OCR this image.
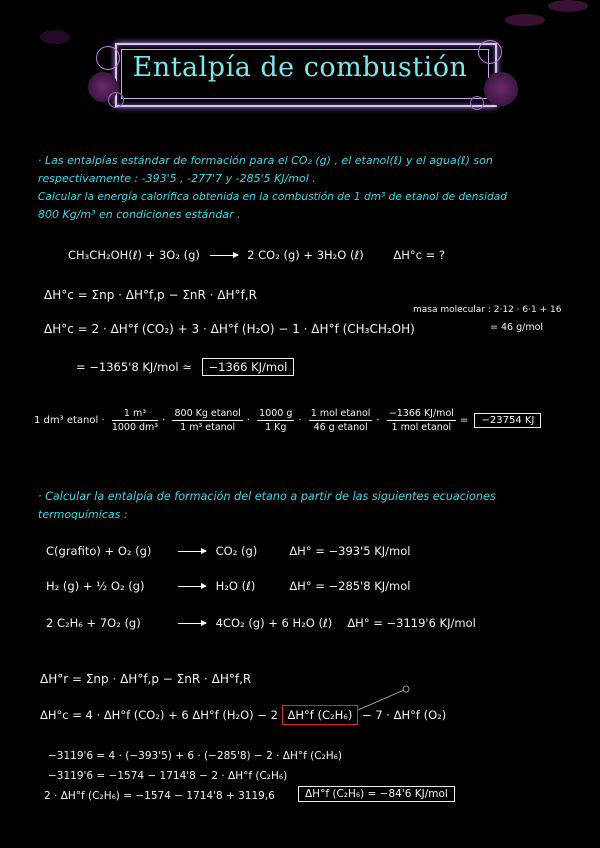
Entalpía de combustión
· Las entalpías estándar de formación para el CO₂ (g) , el etanol(ℓ) y el agua(ℓ) son
respectivamente : -393'5 , -277'7 y -285'5 KJ/mol .
Calcular la energía calorífica obtenida en la combustión de 1 dm³ de etanol de densidad
800 Kg/m³ en condiciones estándar .
CH₃CH₂OH(ℓ) + 3O₂ (g)	2 CO₂ (g) + 3H₂O (ℓ)	ΔH°c = ?
ΔH°c = Σnp · ΔH°f,p − ΣnR · ΔH°f,R
masa molecular : 2·12 · 6·1 + 16
= 46 g/mol
ΔH°c = 2 · ΔH°f (CO₂) + 3 · ΔH°f (H₂O) − 1 · ΔH°f (CH₃CH₂OH)
= −1365'8 KJ/mol ≃ −1366 KJ/mol
1 dm³ etanol · $\frac{\text{1 m³}}{\text{1000 dm³}} \cdot \frac{\text{800 Kg etanol}}{\text{1 m³ etanol}} \cdot \frac{1000 g}{1 Kg} \cdot \frac{\text{1 mol etanol}}{\text{46 g etanol}} \cdot \frac{\text{−1366 KJ/mol}}{\text{1 mol etanol}} = -23754$ KJ
· Calcular la entalpía de formación del etano a partir de las siguientes ecuaciones
termoquímicas :
C(grafito) + O₂ (g)	CO₂ (g)	ΔH° = −393'5 KJ/mol
H₂ (g) + ½ O₂ (g)	H₂O (ℓ)	ΔH° = −285'8 KJ/mol
2 C₂H₆ + 7O₂ (g)	4CO₂ (g) + 6 H₂O (ℓ) ΔH° = −3119'6 KJ/mol
ΔH°r = Σnp · ΔH°f,p − ΣnR · ΔH°f,R
ΔH°c = 4 · ΔH°f (CO₂) + 6 ΔH°f (H₂O) − 2 ΔH°f (C₂H₆) − 7 · ΔH°f (O₂)
−3119'6 = 4 · (−393'5) + 6 · (−285'8) − 2 · ΔH°f (C₂H₆)
−3119'6 = −1574 − 1714'8 − 2 · ΔH°f (C₂H₆)
2 · ΔH°f (C₂H₆) = −1574 − 1714'8 + 3119,6	ΔH°f (C₂H₆) = −84'6 KJ/mol
